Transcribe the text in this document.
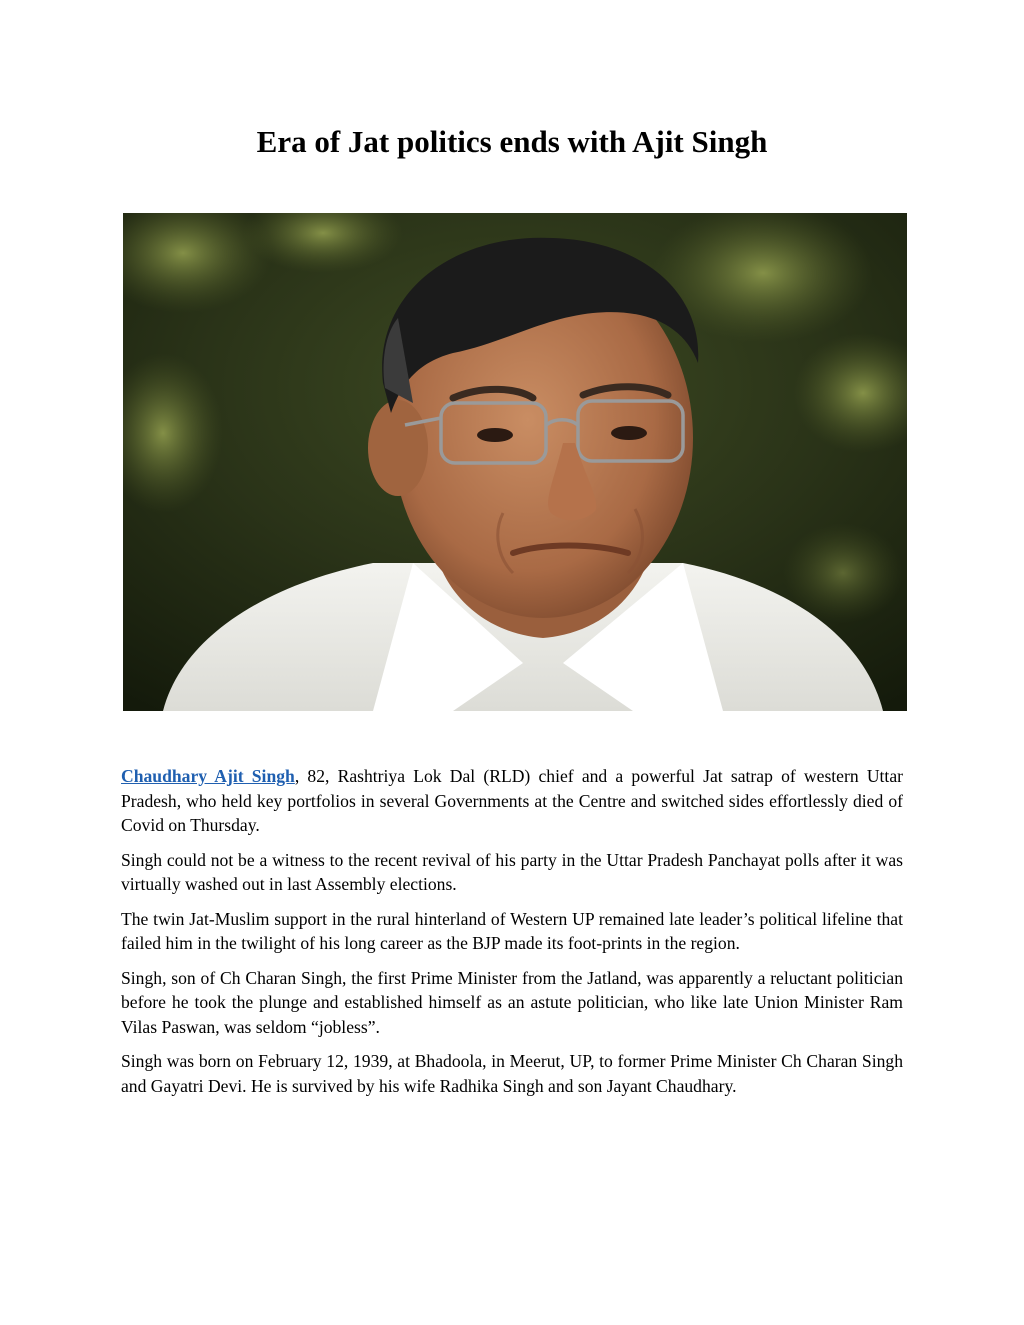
Era of Jat politics ends with Ajit Singh

Chaudhary Ajit Singh, 82, Rashtriya Lok Dal (RLD) chief and a powerful Jat satrap of western Uttar Pradesh, who held key portfolios in several Governments at the Centre and switched sides effortlessly died of Covid on Thursday.

Singh could not be a witness to the recent revival of his party in the Uttar Pradesh Panchayat polls after it was virtually washed out in last Assembly elections.

The twin Jat-Muslim support in the rural hinterland of Western UP remained late leader’s political lifeline that failed him in the twilight of his long career as the BJP made its foot-prints in the region.

Singh, son of Ch Charan Singh, the first Prime Minister from the Jatland, was apparently a reluctant politician before he took the plunge and established himself as an astute politician, who like late Union Minister Ram Vilas Paswan, was seldom “jobless”.

Singh was born on February 12, 1939, at Bhadoola, in Meerut, UP, to former Prime Minister Ch Charan Singh and Gayatri Devi. He is survived by his wife Radhika Singh and son Jayant Chaudhary.
